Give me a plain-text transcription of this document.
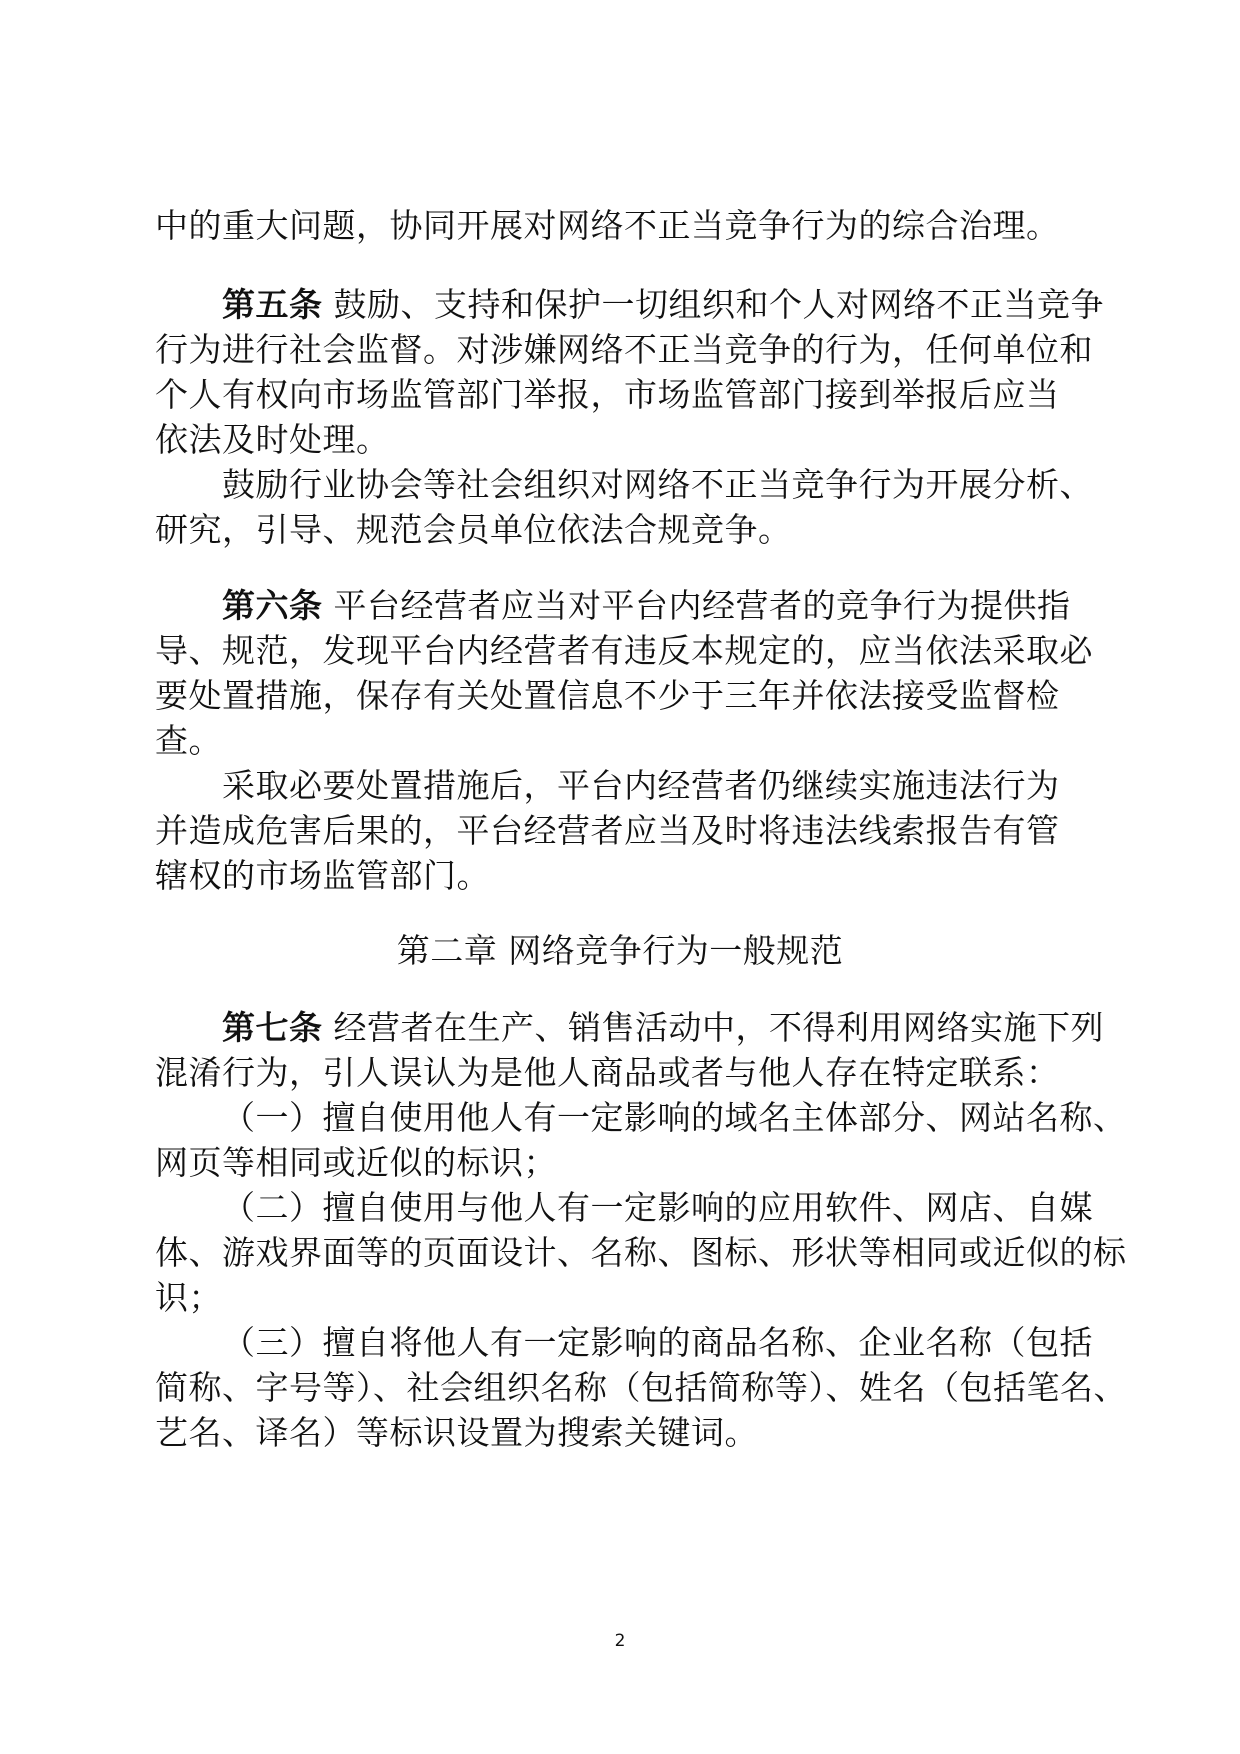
中的重大问题，协同开展对网络不正当竞争行为的综合治理。
第五条 鼓励、支持和保护一切组织和个人对网络不正当竞争
行为进行社会监督。对涉嫌网络不正当竞争的行为，任何单位和
个人有权向市场监管部门举报，市场监管部门接到举报后应当
依法及时处理。
鼓励行业协会等社会组织对网络不正当竞争行为开展分析、
研究，引导、规范会员单位依法合规竞争。
第六条 平台经营者应当对平台内经营者的竞争行为提供指
导、规范，发现平台内经营者有违反本规定的，应当依法采取必
要处置措施，保存有关处置信息不少于三年并依法接受监督检
查。
采取必要处置措施后，平台内经营者仍继续实施违法行为
并造成危害后果的，平台经营者应当及时将违法线索报告有管
辖权的市场监管部门。
第二章 网络竞争行为一般规范
第七条 经营者在生产、销售活动中，不得利用网络实施下列
混淆行为，引人误认为是他人商品或者与他人存在特定联系：
（一）擅自使用他人有一定影响的域名主体部分、网站名称、
网页等相同或近似的标识；
（二）擅自使用与他人有一定影响的应用软件、网店、自媒
体、游戏界面等的页面设计、名称、图标、形状等相同或近似的标
识；
（三）擅自将他人有一定影响的商品名称、企业名称（包括
简称、字号等）、社会组织名称（包括简称等）、姓名（包括笔名、
艺名、译名）等标识设置为搜索关键词。
2
